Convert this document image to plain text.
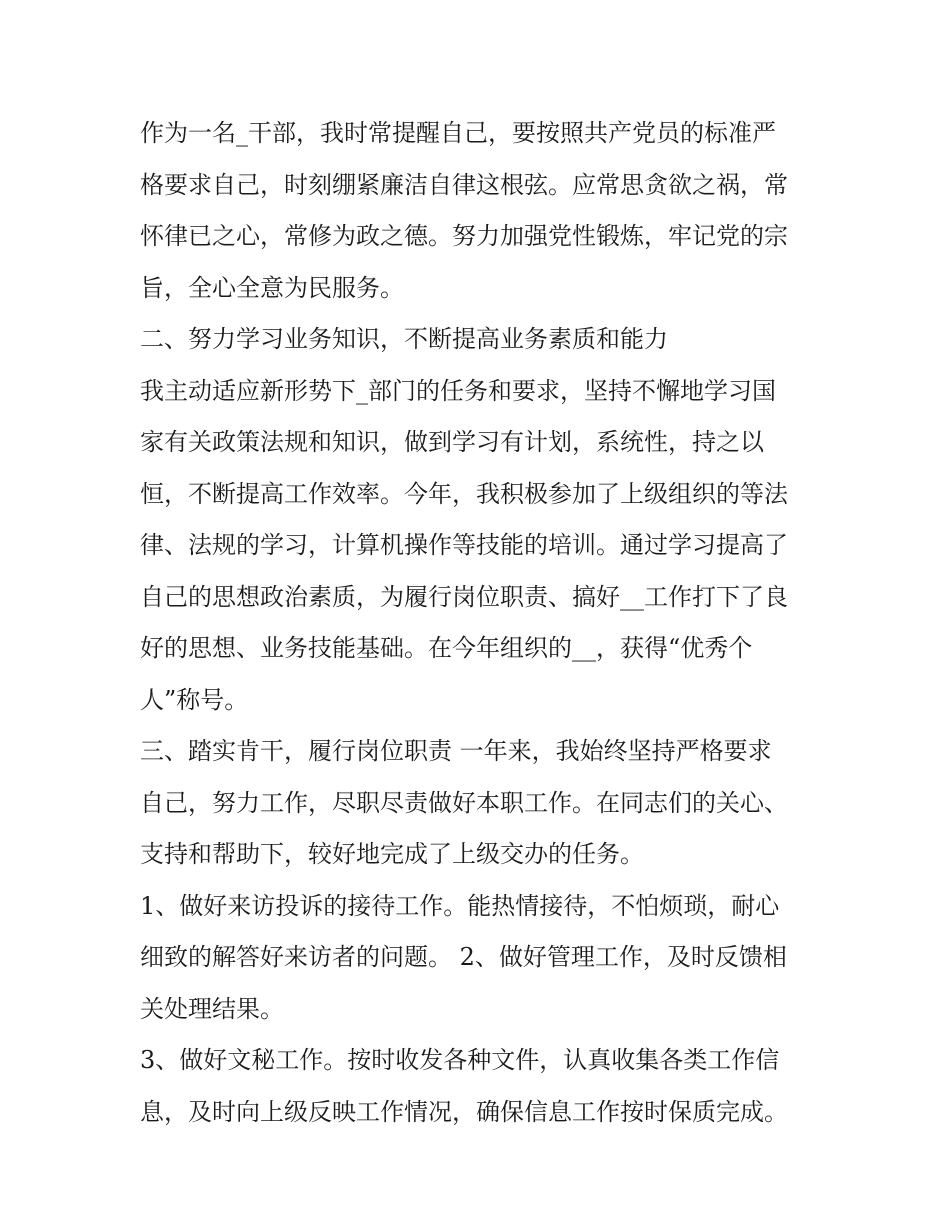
作为一名_干部，我时常提醒自己，要按照共产党员的标准严
格要求自己，时刻绷紧廉洁自律这根弦。应常思贪欲之祸，常
怀律已之心，常修为政之德。努力加强党性锻炼，牢记党的宗
旨，全心全意为民服务。
二、努力学习业务知识，不断提高业务素质和能力
我主动适应新形势下_部门的任务和要求，坚持不懈地学习国
家有关政策法规和知识，做到学习有计划，系统性，持之以
恒，不断提高工作效率。今年，我积极参加了上级组织的等法
律、法规的学习，计算机操作等技能的培训。通过学习提高了
自己的思想政治素质，为履行岗位职责、搞好__工作打下了良
好的思想、业务技能基础。在今年组织的__，获得“优秀个
人”称号。
三、踏实肯干，履行岗位职责 一年来，我始终坚持严格要求
自己，努力工作，尽职尽责做好本职工作。在同志们的关心、
支持和帮助下，较好地完成了上级交办的任务。
1、做好来访投诉的接待工作。能热情接待，不怕烦琐，耐心
细致的解答好来访者的问题。 2、做好管理工作，及时反馈相
关处理结果。
3、做好文秘工作。按时收发各种文件，认真收集各类工作信
息，及时向上级反映工作情况，确保信息工作按时保质完成。
